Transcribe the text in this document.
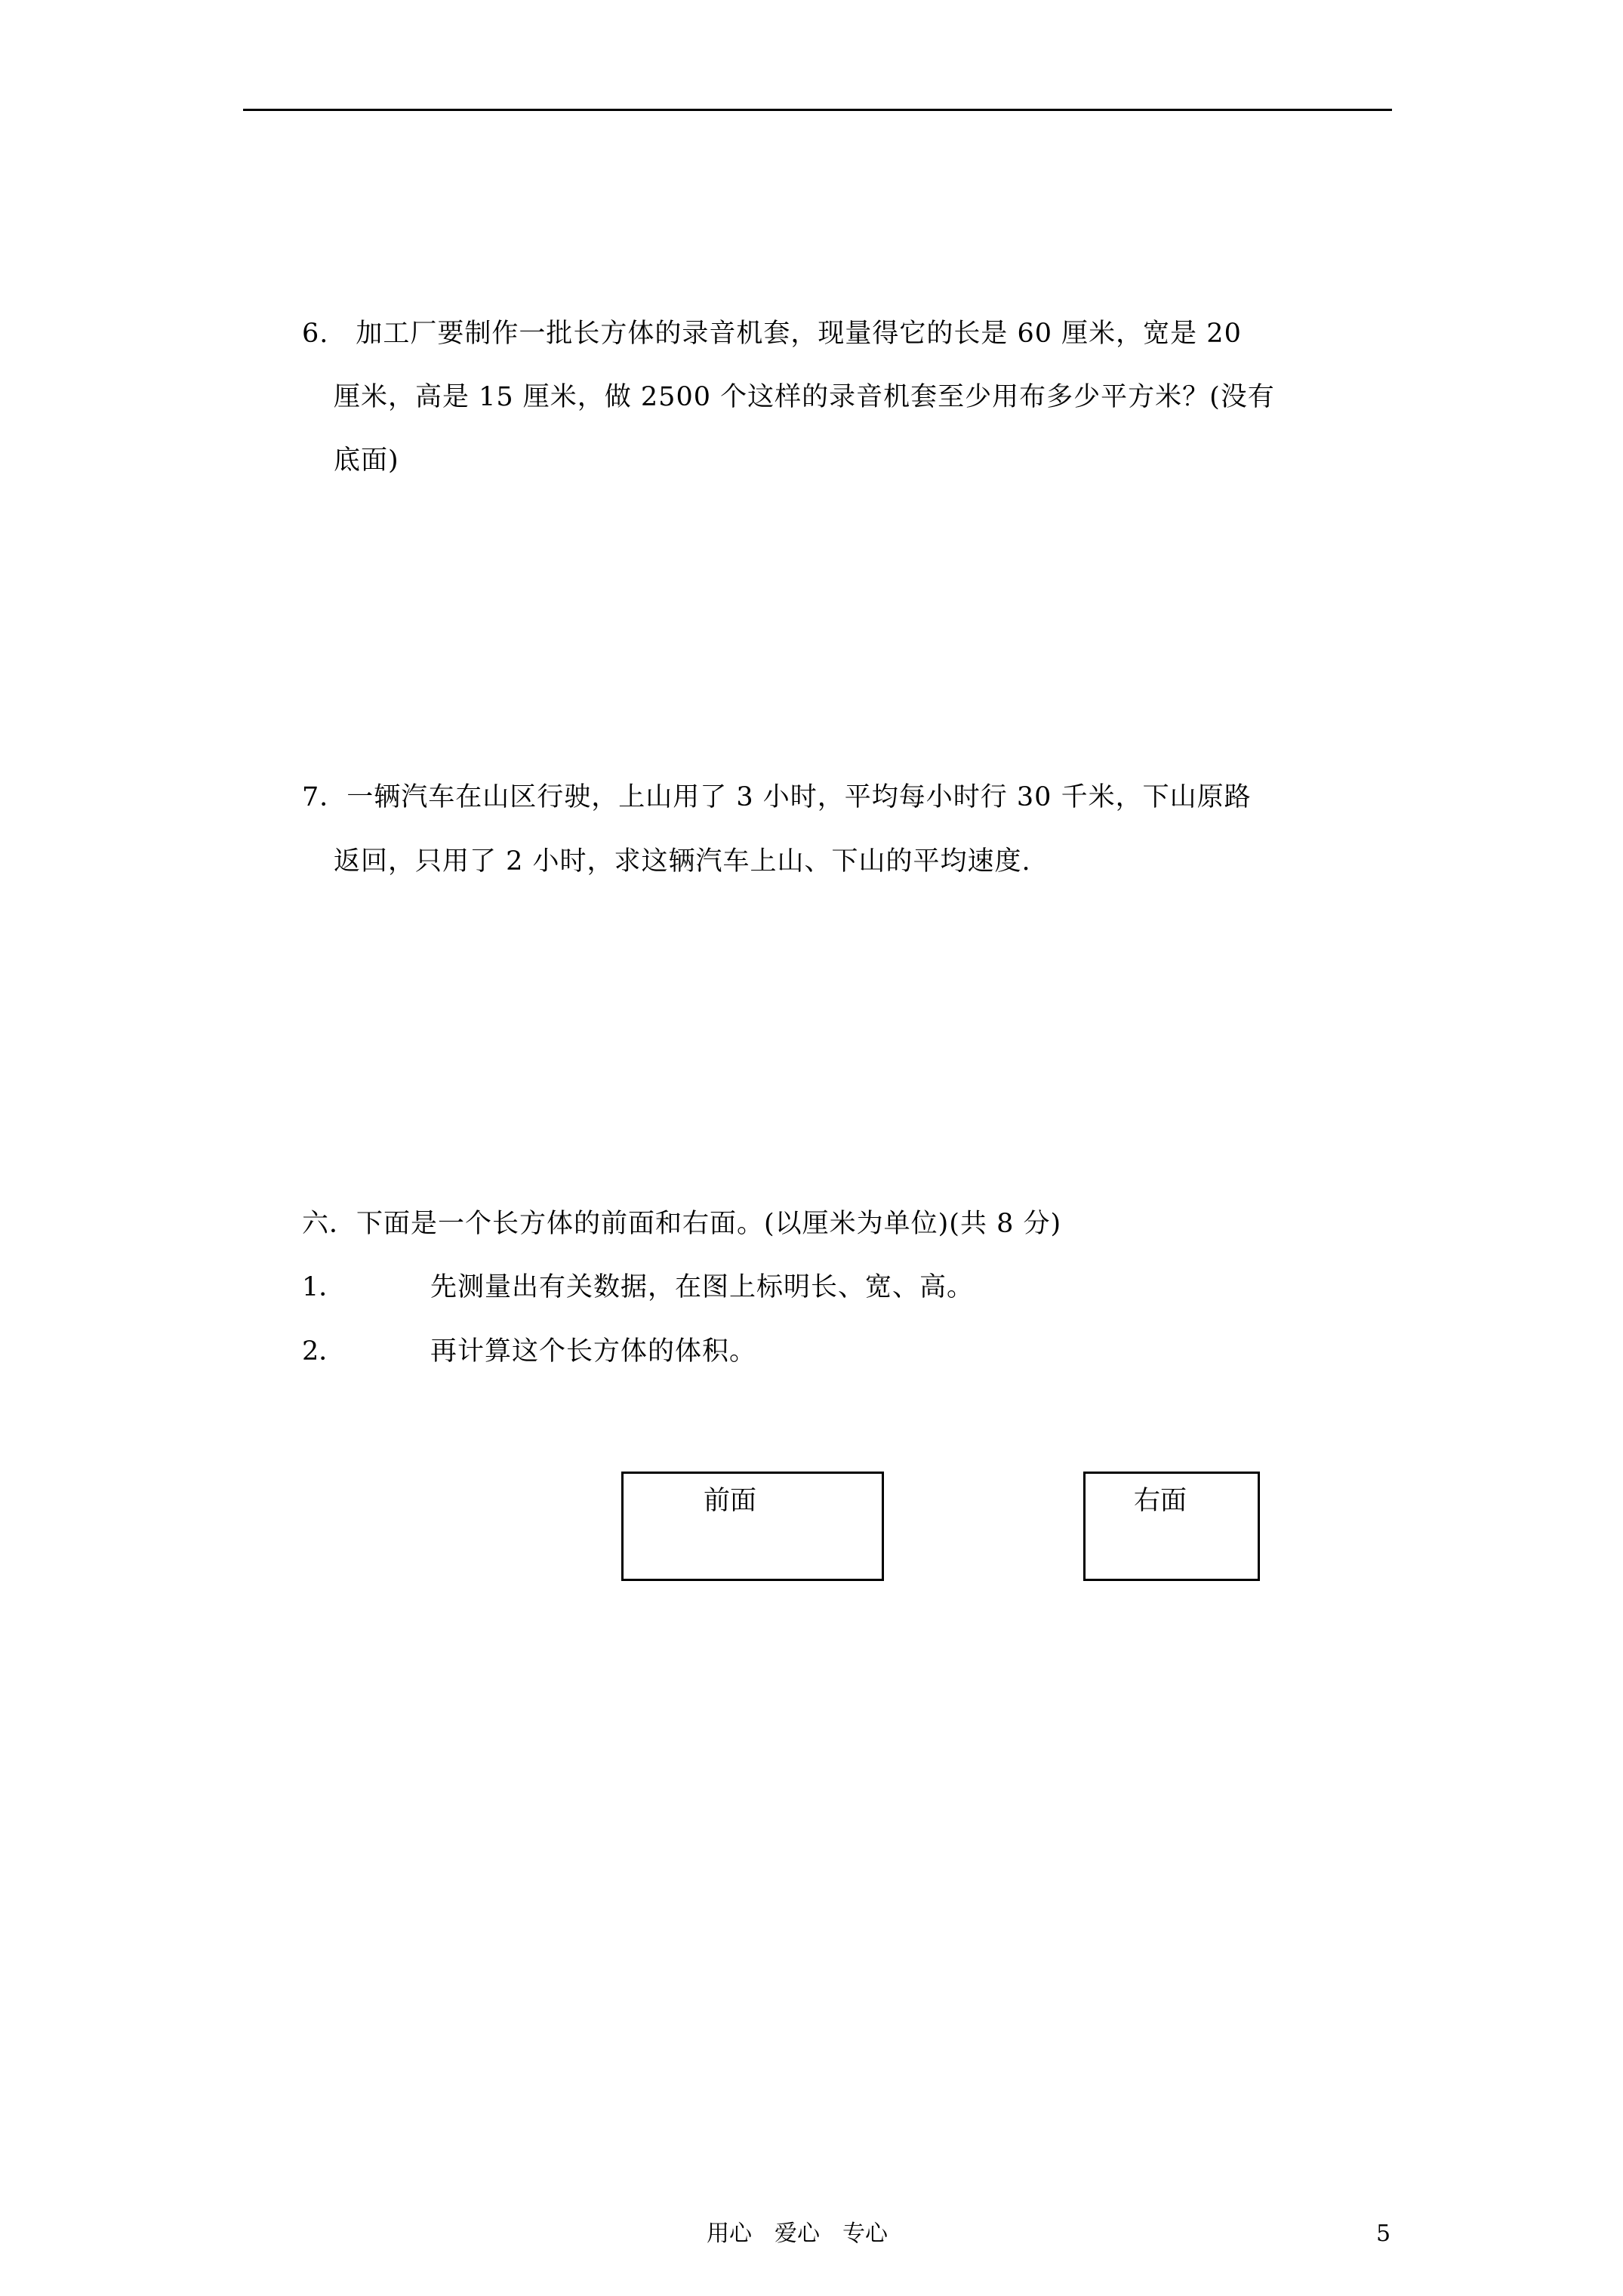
6.　加工厂要制作一批长方体的录音机套，现量得它的长是 60 厘米，宽是 20
厘米，高是 15 厘米，做 2500 个这样的录音机套至少用布多少平方米？(没有
底面)
7．一辆汽车在山区行驶，上山用了 3 小时，平均每小时行 30 千米，下山原路
返回，只用了 2 小时，求这辆汽车上山、下山的平均速度.
六．下面是一个长方体的前面和右面。(以厘米为单位)(共 8 分)
1．	先测量出有关数据，在图上标明长、宽、高。
2．	再计算这个长方体的体积。
前面	右面
用心　爱心　专心	5
